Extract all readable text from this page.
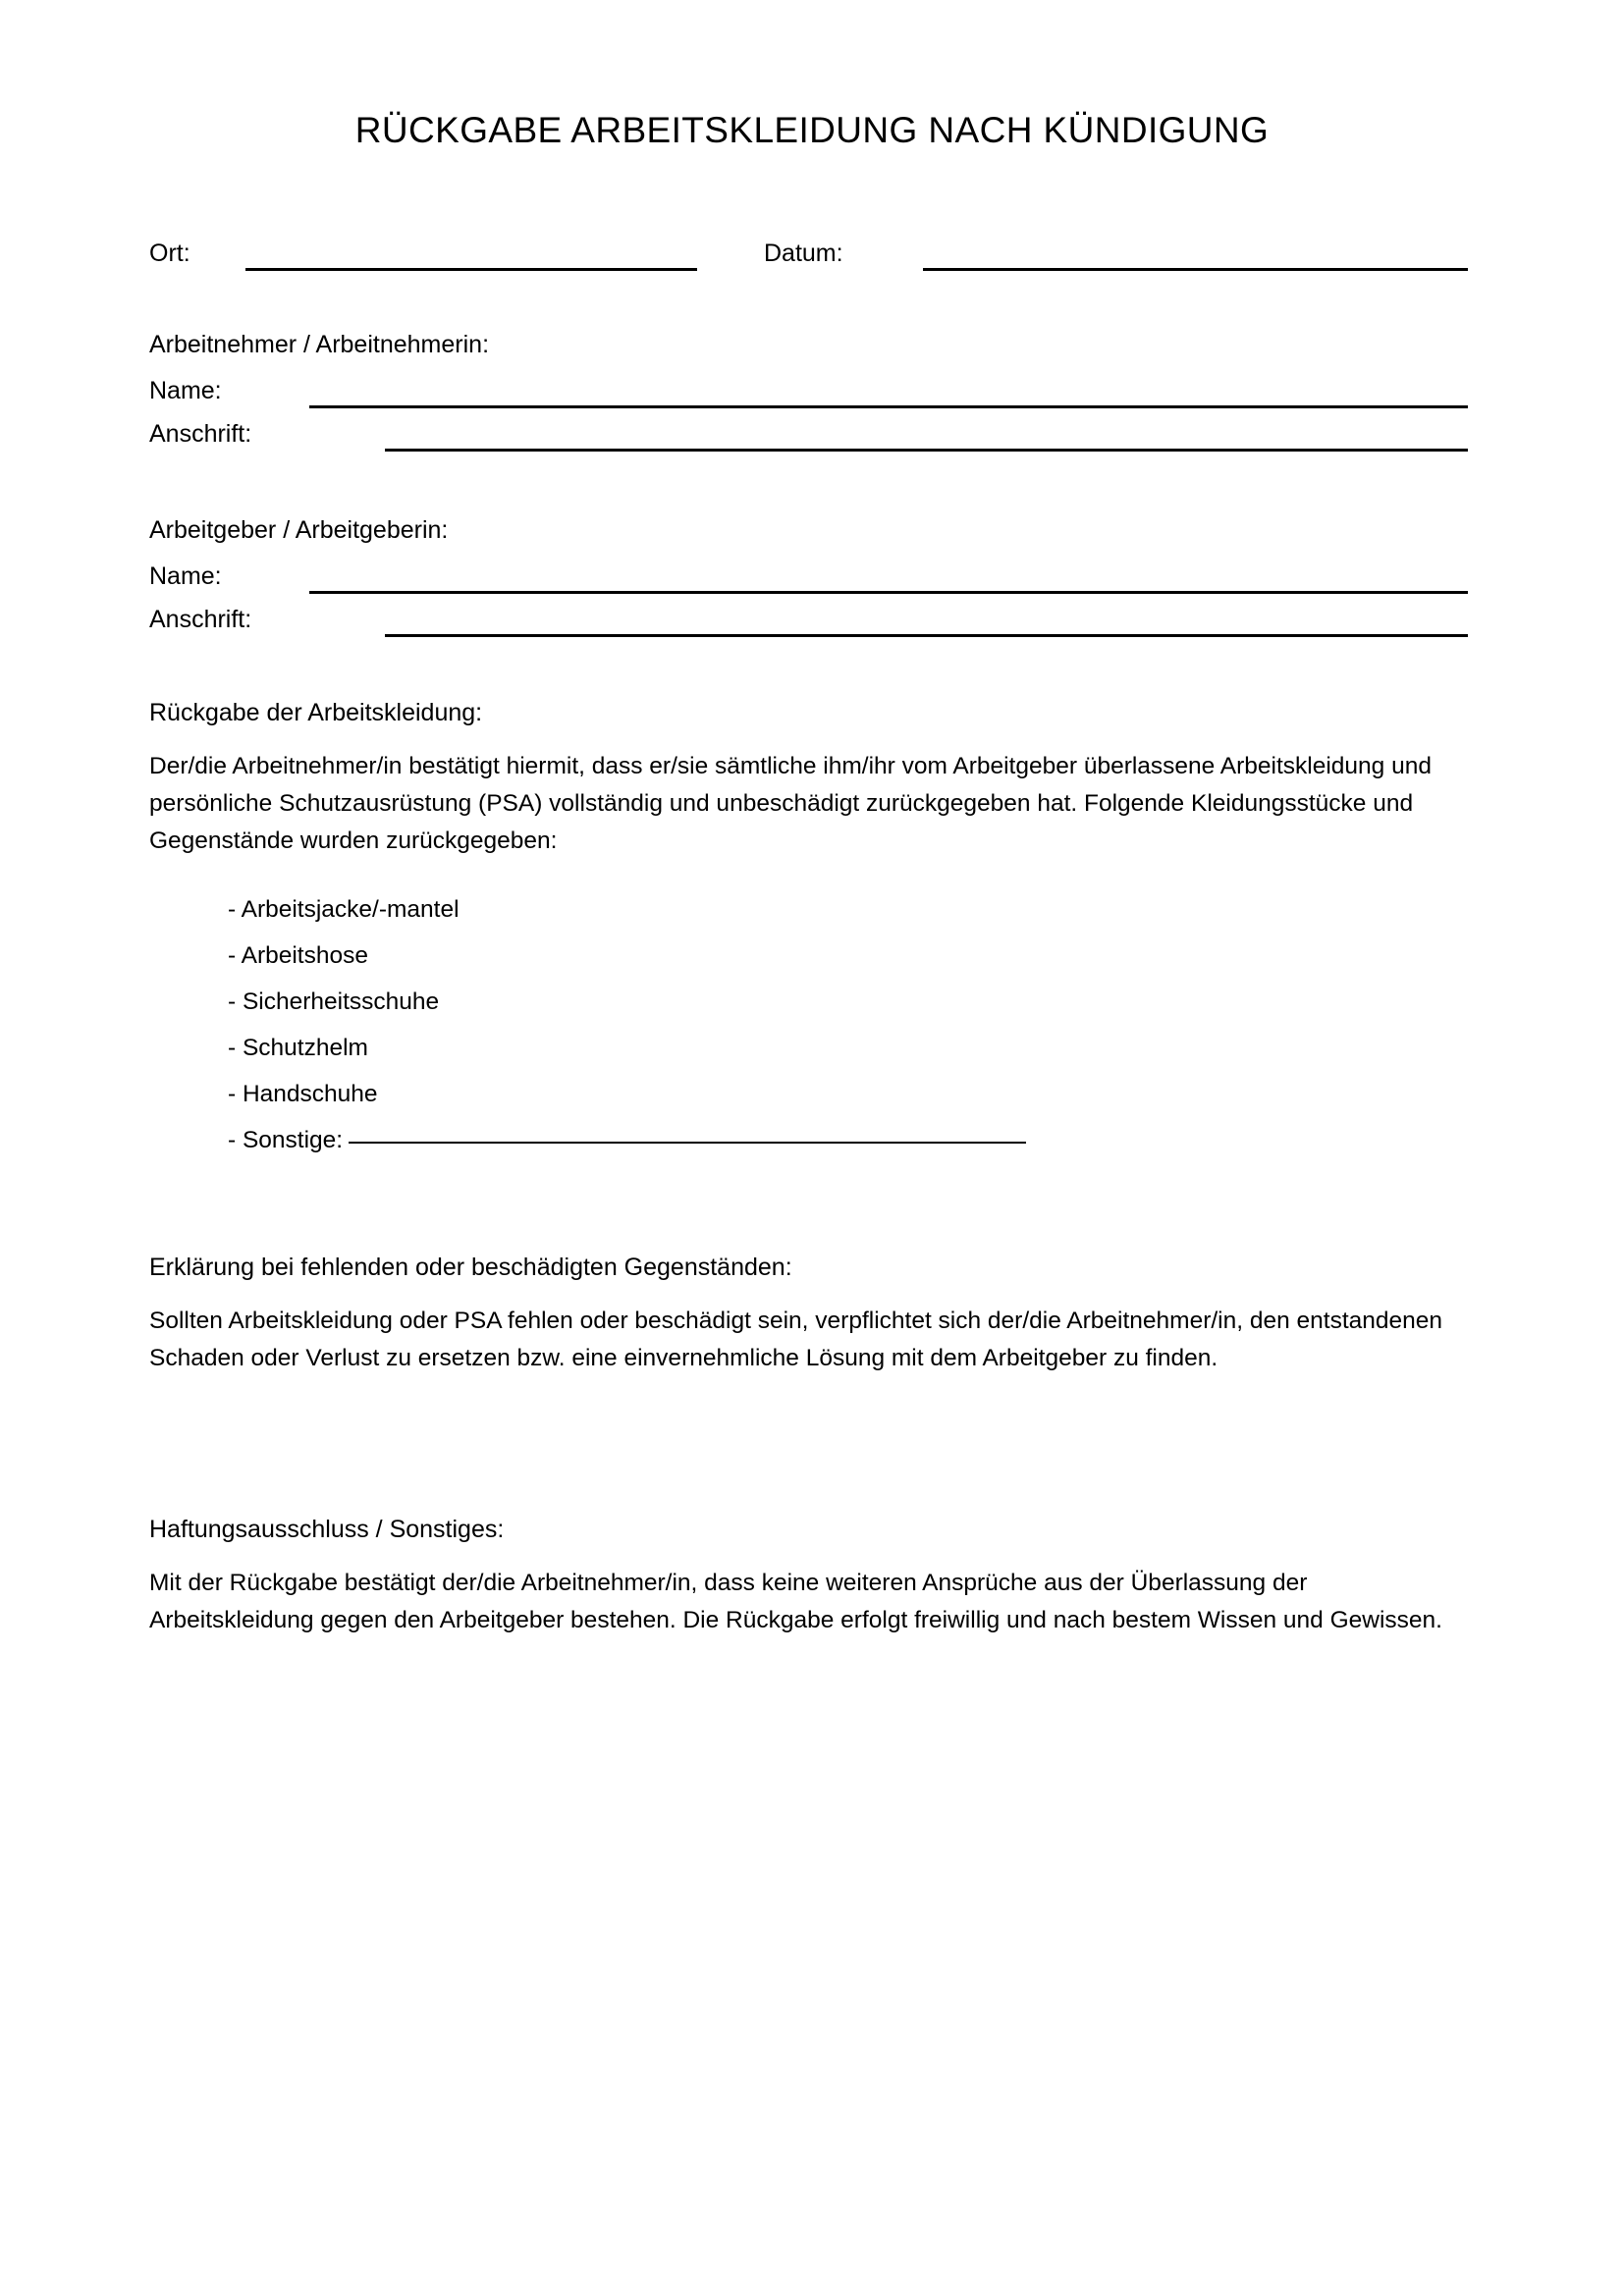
RÜCKGABE ARBEITSKLEIDUNG NACH KÜNDIGUNG
Ort:	Datum:
Arbeitnehmer / Arbeitnehmerin:
Name:
Anschrift:
Arbeitgeber / Arbeitgeberin:
Name:
Anschrift:
Rückgabe der Arbeitskleidung:
Der/die Arbeitnehmer/in bestätigt hiermit, dass er/sie sämtliche ihm/ihr vom Arbeitgeber überlassene Arbeitskleidung und persönliche Schutzausrüstung (PSA) vollständig und unbeschädigt zurückgegeben hat. Folgende Kleidungsstücke und Gegenstände wurden zurückgegeben:
- Arbeitsjacke/-mantel
- Arbeitshose
- Sicherheitsschuhe
- Schutzhelm
- Handschuhe
- Sonstige:
Erklärung bei fehlenden oder beschädigten Gegenständen:
Sollten Arbeitskleidung oder PSA fehlen oder beschädigt sein, verpflichtet sich der/die Arbeitnehmer/in, den entstandenen Schaden oder Verlust zu ersetzen bzw. eine einvernehmliche Lösung mit dem Arbeitgeber zu finden.
Haftungsausschluss / Sonstiges:
Mit der Rückgabe bestätigt der/die Arbeitnehmer/in, dass keine weiteren Ansprüche aus der Überlassung der Arbeitskleidung gegen den Arbeitgeber bestehen. Die Rückgabe erfolgt freiwillig und nach bestem Wissen und Gewissen.
